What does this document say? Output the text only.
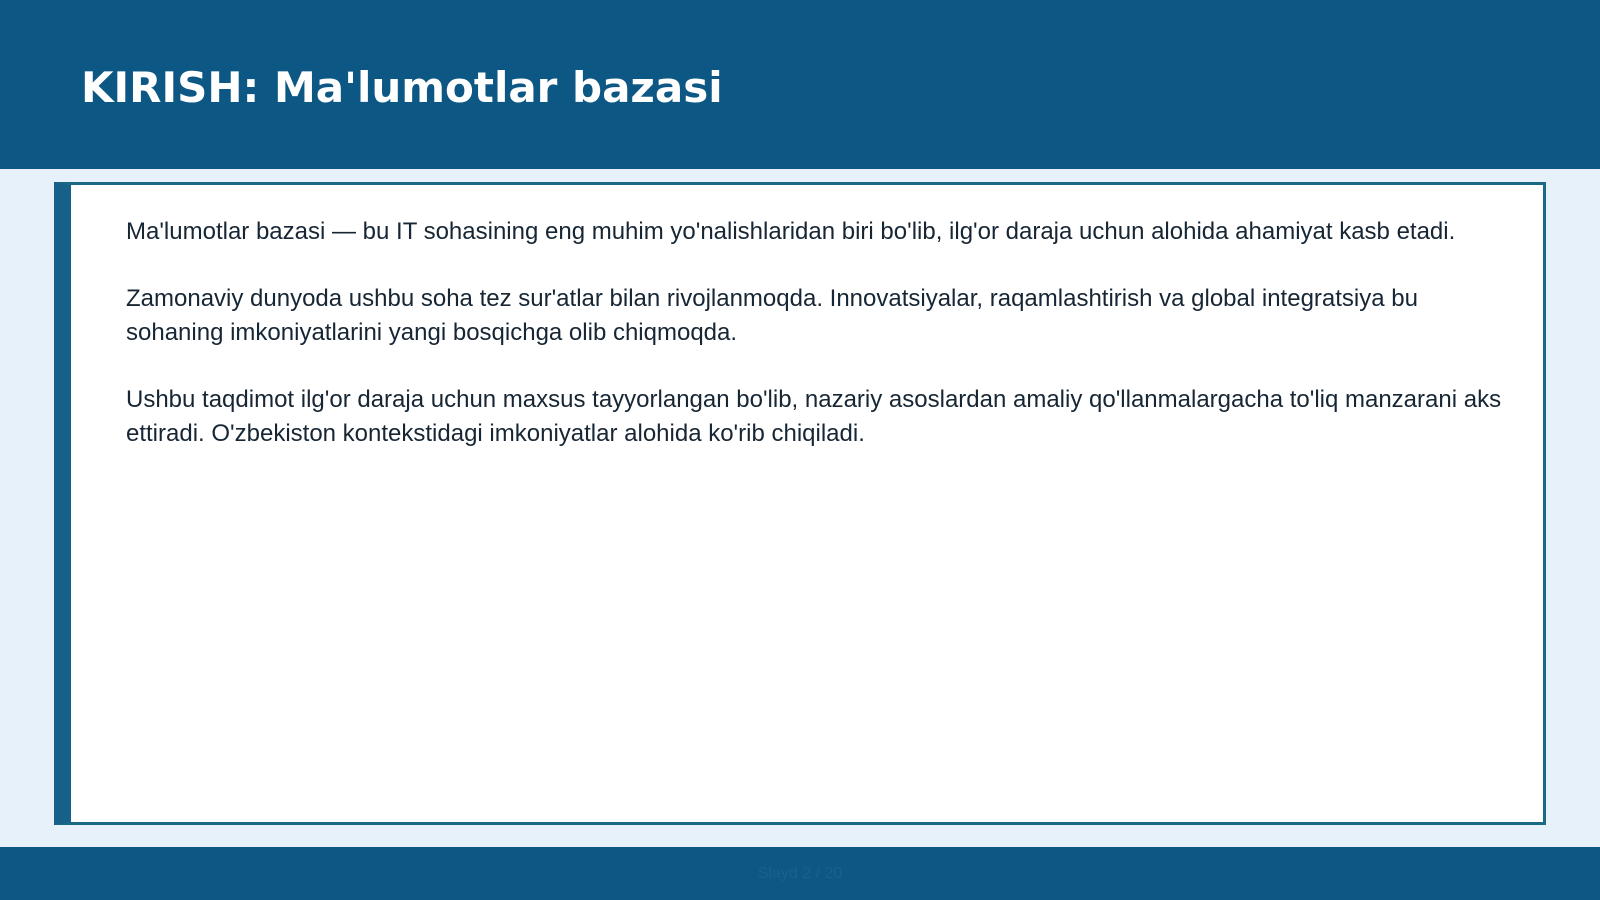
KIRISH: Ma'lumotlar bazasi

Ma'lumotlar bazasi — bu IT sohasining eng muhim yo'nalishlaridan biri bo'lib, ilg'or daraja uchun alohida ahamiyat kasb etadi.

Zamonaviy dunyoda ushbu soha tez sur'atlar bilan rivojlanmoqda. Innovatsiyalar, raqamlashtirish va global integratsiya bu sohaning imkoniyatlarini yangi bosqichga olib chiqmoqda.

Ushbu taqdimot ilg'or daraja uchun maxsus tayyorlangan bo'lib, nazariy asoslardan amaliy qo'llanmalargacha to'liq manzarani aks ettiradi. O'zbekiston kontekstidagi imkoniyatlar alohida ko'rib chiqiladi.

Slayd 2 / 20
